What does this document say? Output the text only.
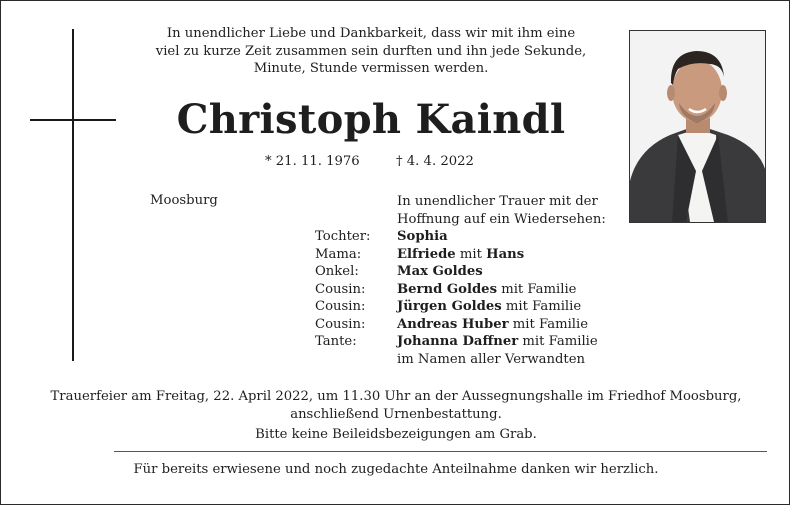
In unendlicher Liebe und Dankbarkeit, dass wir mit ihm eine
viel zu kurze Zeit zusammen sein durften und ihn jede Sekunde,
Minute, Stunde vermissen werden.
Christoph Kaindl
* 21. 11. 1976	† 4. 4. 2022
Moosburg	In unendlicher Trauer mit der
Hoffnung auf ein Wiedersehen:
Tochter:	Sophia
Mama:	Elfriede mit Hans
Onkel:	Max Goldes
Cousin:	Bernd Goldes mit Familie
Cousin:	Jürgen Goldes mit Familie
Cousin:	Andreas Huber mit Familie
Tante:	Johanna Daffner mit Familie
im Namen aller Verwandten
Trauerfeier am Freitag, 22. April 2022, um 11.30 Uhr an der Aussegnungshalle im Friedhof Moosburg,
anschließend Urnenbestattung.
Bitte keine Beileidsbezeigungen am Grab.
Für bereits erwiesene und noch zugedachte Anteilnahme danken wir herzlich.
